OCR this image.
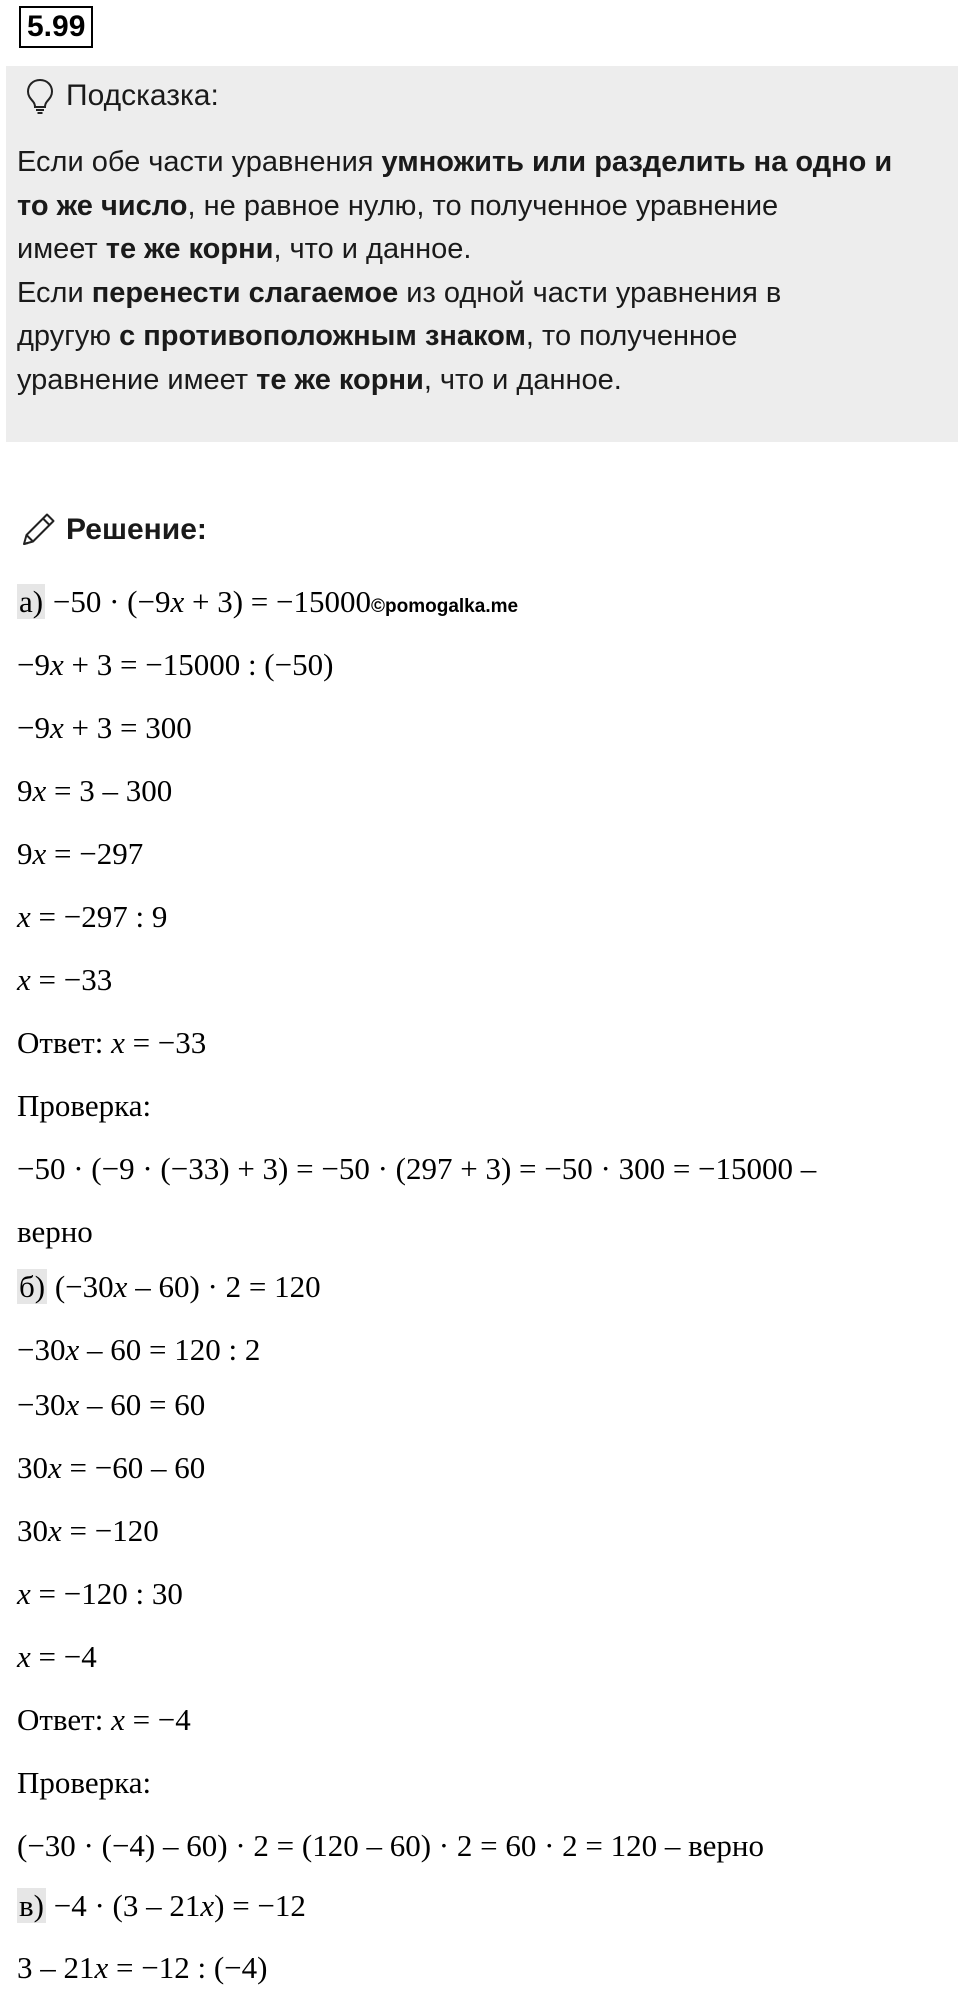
5.99
Подсказка:
Если обе части уравнения умножить или разделить на одно и
то же число, не равное нулю, то полученное уравнение
имеет те же корни, что и данное.
Если перенести слагаемое из одной части уравнения в
другую с противоположным знаком, то полученное
уравнение имеет те же корни, что и данное.
Решение:
а) −50 · (−9x + 3) = −15000©pomogalka.me
−9x + 3 = −15000 : (−50)
−9x + 3 = 300
9x = 3 – 300
9x = −297
x = −297 : 9
x = −33
Ответ: x = −33
Проверка:
−50 · (−9 · (−33) + 3) = −50 · (297 + 3) = −50 · 300 = −15000 –
верно
б) (−30x – 60) · 2 = 120
−30x – 60 = 120 : 2
−30x – 60 = 60
30x = −60 – 60
30x = −120
x = −120 : 30
x = −4
Ответ: x = −4
Проверка:
(−30 · (−4) – 60) · 2 = (120 – 60) · 2 = 60 · 2 = 120 – верно
в) −4 · (3 – 21x) = −12
3 – 21x = −12 : (−4)
